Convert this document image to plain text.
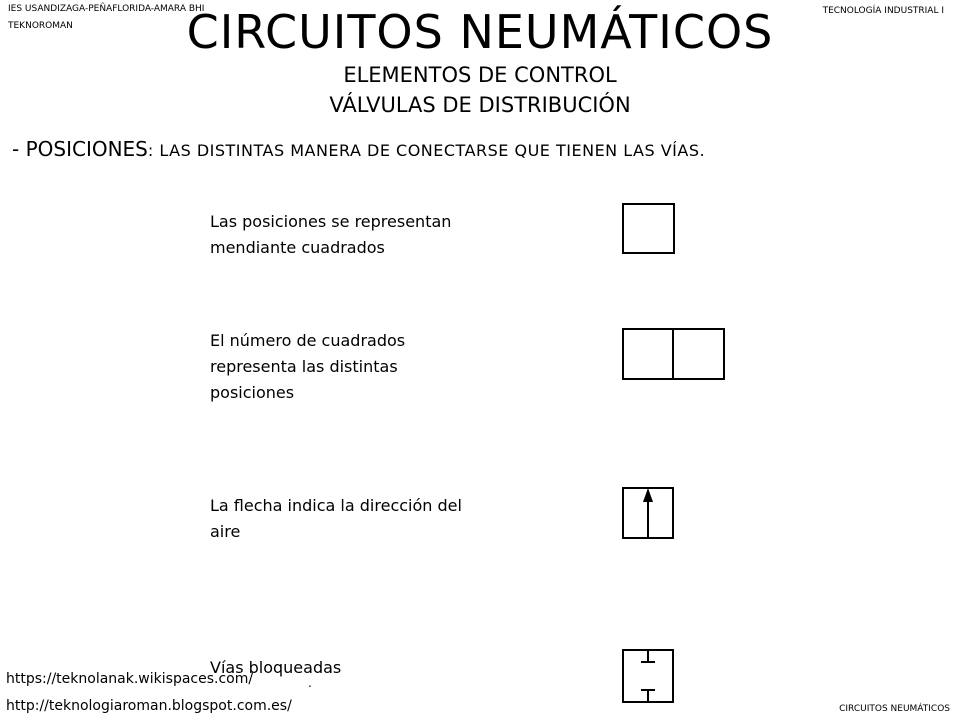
IES USANDIZAGA-PEÑAFLORIDA-AMARA BHI
TEKNOROMAN
TECNOLOGÍA INDUSTRIAL I
CIRCUITOS NEUMÁTICOS
ELEMENTOS DE CONTROL
VÁLVULAS DE DISTRIBUCIÓN
- POSICIONES: LAS DISTINTAS MANERA DE CONECTARSE QUE TIENEN LAS VÍAS.
Las posiciones se representan mendiante cuadrados
El número de cuadrados representa las distintas posiciones
La flecha indica la dirección del aire
Vías bloqueadas
https://teknolanak.wikispaces.com/
http://teknologiaroman.blogspot.com.es/
.
CIRCUITOS NEUMÁTICOS
